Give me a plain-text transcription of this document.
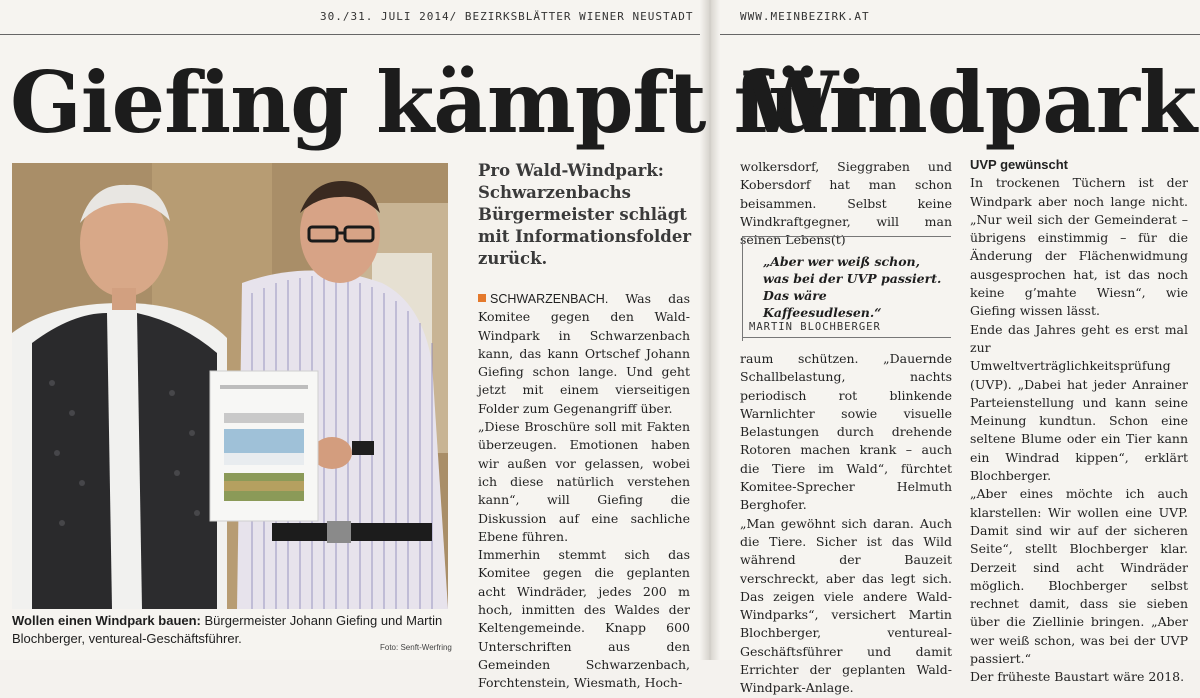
30./31. JULI 2014/ BEZIRKSBLÄTTER WIENER NEUSTADT	WWW.MEINBEZIRK.AT
Giefing kämpft für
Windpark
Wollen einen Windpark bauen: Bürgermeister Johann Giefing und Martin Blochberger, ventureal-Geschäftsführer.
Foto: Senft-Werfring
Pro Wald-Windpark: Schwarzenbachs Bürgermeister schlägt mit Informationsfolder zurück.

SCHWARZENBACH. Was das Komitee gegen den Wald-Windpark in Schwarzenbach kann, das kann Ortschef Johann Giefing schon lange. Und geht jetzt mit einem vierseitigen Folder zum Gegenangriff über.

„Diese Broschüre soll mit Fakten überzeugen. Emotionen haben wir außen vor gelassen, wobei ich diese natürlich verstehen kann“, will Giefing die Diskussion auf eine sachliche Ebene führen.

Immerhin stemmt sich das Komitee gegen die geplanten acht Windräder, jedes 200 m hoch, inmitten des Waldes der Keltengemeinde. Knapp 600 Unterschriften aus den Gemeinden Schwarzenbach, Forchtenstein, Wiesmath, Hoch-

wolkersdorf, Sieggraben und Kobersdorf hat man schon beisammen. Selbst keine Windkraftgegner, will man seinen Lebens(t)

„Aber wer weiß schon, was bei der UVP passiert. Das wäre Kaffeesudlesen.“
MARTIN BLOCHBERGER

raum schützen. „Dauernde Schallbelastung, nachts periodisch rot blinkende Warnlichter sowie visuelle Belastungen durch drehende Rotoren machen krank – auch die Tiere im Wald“, fürchtet Komitee-Sprecher Helmuth Berghofer.

„Man gewöhnt sich daran. Auch die Tiere. Sicher ist das Wild während der Bauzeit verschreckt, aber das legt sich. Das zeigen viele andere Wald-Windparks“, versichert Martin Blochberger, ventureal-Geschäftsführer und damit Errichter der geplanten Wald-Windpark-Anlage.

UVP gewünscht

In trockenen Tüchern ist der Windpark aber noch lange nicht. „Nur weil sich der Gemeinderat – übrigens einstimmig – für die Änderung der Flächenwidmung ausgesprochen hat, ist das noch keine g’mahte Wiesn“, wie Giefing wissen lässt.

Ende das Jahres geht es erst mal zur Umweltverträglichkeitsprüfung (UVP). „Dabei hat jeder Anrainer Parteienstellung und kann seine Meinung kundtun. Schon eine seltene Blume oder ein Tier kann ein Windrad kippen“, erklärt Blochberger.

„Aber eines möchte ich auch klarstellen: Wir wollen eine UVP. Damit sind wir auf der sicheren Seite“, stellt Blochberger klar. Derzeit sind acht Windräder möglich. Blochberger selbst rechnet damit, dass sie sieben über die Ziellinie bringen. „Aber wer weiß schon, was bei der UVP passiert.“

Der früheste Baustart wäre 2018.
